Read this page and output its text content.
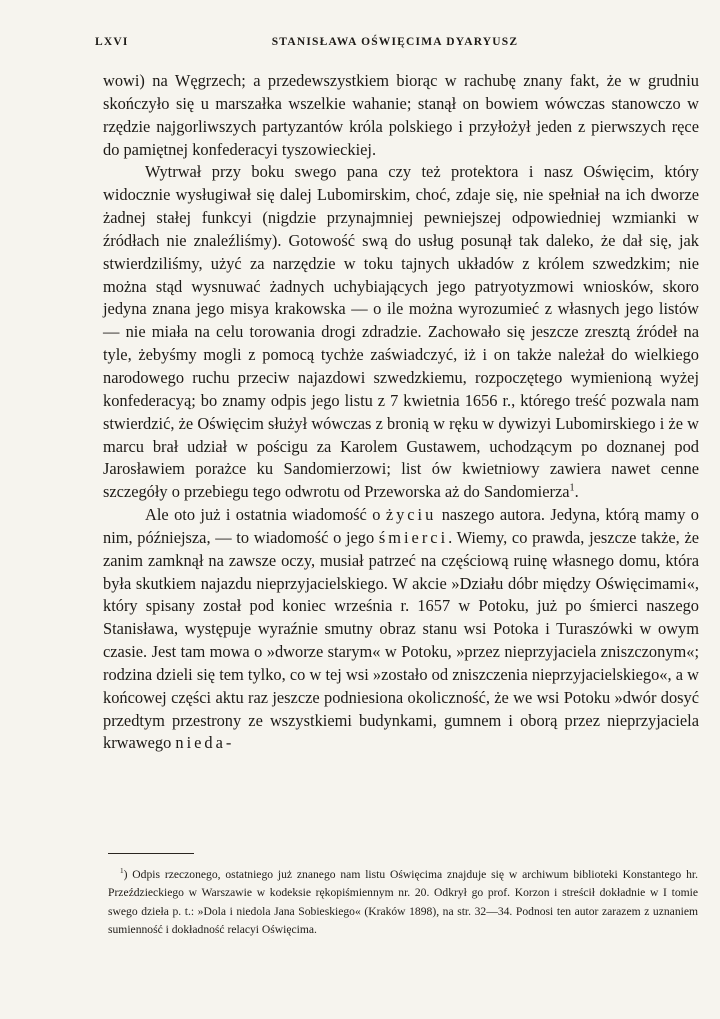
LXVI	STANISŁAWA OŚWIĘCIMA DYARYUSZ

wowi) na Węgrzech; a przedewszystkiem biorąc w rachubę znany fakt, że w grudniu skończyło się u marszałka wszelkie wahanie; stanął on bowiem wówczas stanowczo w rzędzie najgorliwszych partyzantów króla polskiego i przyłożył jeden z pierwszych ręce do pamiętnej konfederacyi tyszowieckiej.

Wytrwał przy boku swego pana czy też protektora i nasz Oświęcim, który widocznie wysługiwał się dalej Lubomirskim, choć, zdaje się, nie spełniał na ich dworze żadnej stałej funkcyi (nigdzie przynajmniej pewniejszej odpowiedniej wzmianki w źródłach nie znaleźliśmy). Gotowość swą do usług posunął tak daleko, że dał się, jak stwierdziliśmy, użyć za narzędzie w toku tajnych układów z królem szwedzkim; nie można stąd wysnuwać żadnych uchybiających jego patryotyzmowi wniosków, skoro jedyna znana jego misya krakowska — o ile można wyrozumieć z własnych jego listów — nie miała na celu torowania drogi zdradzie. Zachowało się jeszcze zresztą źródeł na tyle, żebyśmy mogli z pomocą tychże zaświadczyć, iż i on także należał do wielkiego narodowego ruchu przeciw najazdowi szwedzkiemu, rozpoczętego wymienioną wyżej konfederacyą; bo znamy odpis jego listu z 7 kwietnia 1656 r., którego treść pozwala nam stwierdzić, że Oświęcim służył wówczas z bronią w ręku w dywizyi Lubomirskiego i że w marcu brał udział w pościgu za Karolem Gustawem, uchodzącym po doznanej pod Jarosławiem porażce ku Sandomierzowi; list ów kwietniowy zawiera nawet cenne szczegóły o przebiegu tego odwrotu od Przeworska aż do Sandomierza$^1$.

Ale oto już i ostatnia wiadomość o życiu naszego autora. Jedyna, którą mamy o nim, późniejsza, — to wiadomość o jego śmierci. Wiemy, co prawda, jeszcze także, że zanim zamknął na zawsze oczy, musiał patrzeć na częściową ruinę własnego domu, która była skutkiem najazdu nieprzyjacielskiego. W akcie »Działu dóbr między Oświęcimami«, który spisany został pod koniec września r. 1657 w Potoku, już po śmierci naszego Stanisława, występuje wyraźnie smutny obraz stanu wsi Potoka i Turaszówki w owym czasie. Jest tam mowa o »dworze starym« w Potoku, »przez nieprzyjaciela zniszczonym«; rodzina dzieli się tem tylko, co w tej wsi »zostało od zniszczenia nieprzyjacielskiego«, a w końcowej części aktu raz jeszcze podniesiona okoliczność, że we wsi Potoku »dwór dosyć przedtym przestrony ze wszystkiemi budynkami, gumnem i oborą przez nieprzyjaciela krwawego nieda-

$^1$) Odpis rzeczonego, ostatniego już znanego nam listu Oświęcima znajduje się w archiwum biblioteki Konstantego hr. Przeździeckiego w Warszawie w kodeksie rękopiśmiennym nr. 20. Odkrył go prof. Korzon i streścił dokładnie w I tomie swego dzieła p. t.: »Dola i niedola Jana Sobieskiego« (Kraków 1898), na str. 32—34. Podnosi ten autor zarazem z uznaniem sumienność i dokładność relacyi Oświęcima.
